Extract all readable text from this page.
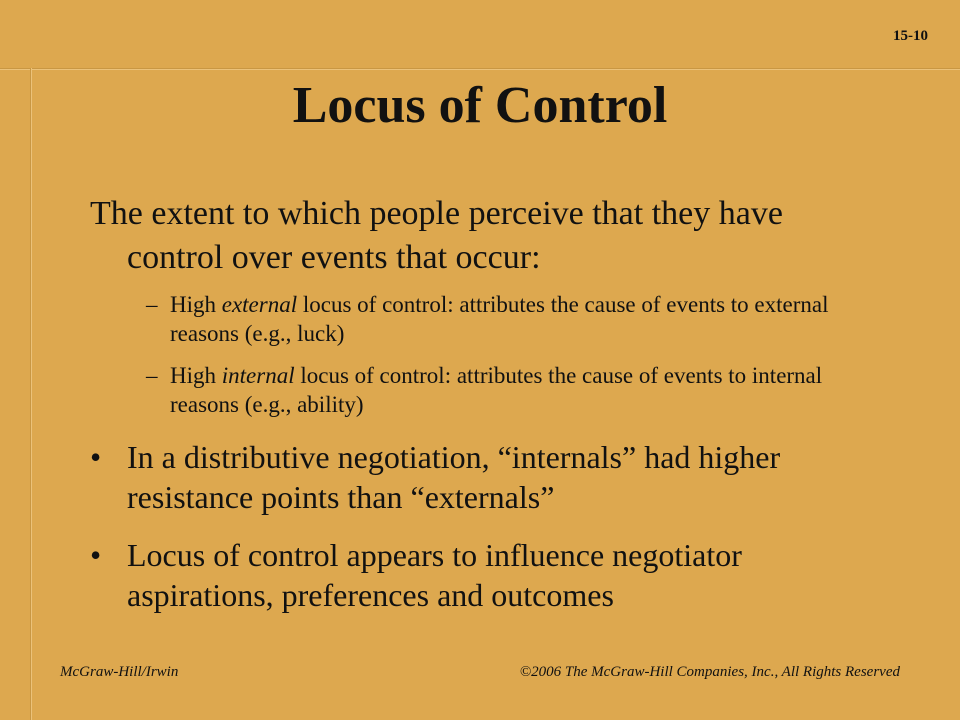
15-10
Locus of Control

The extent to which people perceive that they have control over events that occur:

– High external locus of control: attributes the cause of events to external reasons (e.g., luck)
– High internal locus of control: attributes the cause of events to internal reasons (e.g., ability)
• In a distributive negotiation, “internals” had higher resistance points than “externals”
• Locus of control appears to influence negotiator aspirations, preferences and outcomes
McGraw-Hill/Irwin	©2006 The McGraw-Hill Companies, Inc., All Rights Reserved
